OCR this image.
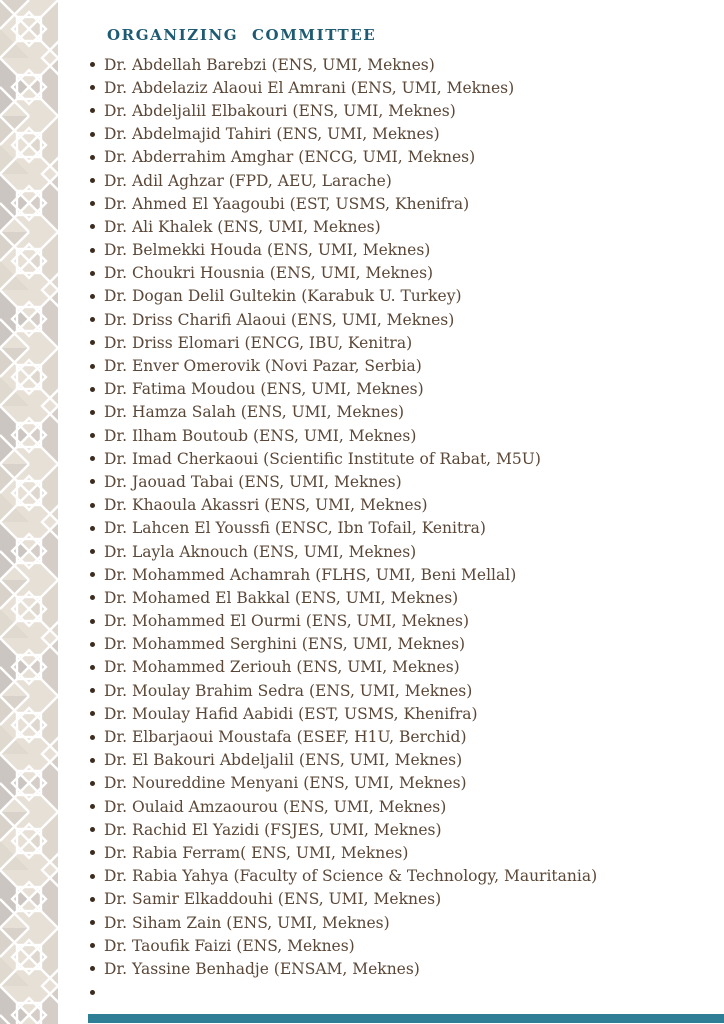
ORGANIZING COMMITTEE
Dr. Abdellah Barebzi (ENS, UMI, Meknes)
Dr. Abdelaziz Alaoui El Amrani (ENS, UMI, Meknes)
Dr. Abdeljalil Elbakouri (ENS, UMI, Meknes)
Dr. Abdelmajid Tahiri (ENS, UMI, Meknes)
Dr. Abderrahim Amghar (ENCG, UMI, Meknes)
Dr. Adil Aghzar (FPD, AEU, Larache)
Dr. Ahmed El Yaagoubi (EST, USMS, Khenifra)
Dr. Ali Khalek (ENS, UMI, Meknes)
Dr. Belmekki Houda (ENS, UMI, Meknes)
Dr. Choukri Housnia (ENS, UMI, Meknes)
Dr. Dogan Delil Gultekin (Karabuk U. Turkey)
Dr. Driss Charifi Alaoui (ENS, UMI, Meknes)
Dr. Driss Elomari (ENCG, IBU, Kenitra)
Dr. Enver Omerovik (Novi Pazar, Serbia)
Dr. Fatima Moudou (ENS, UMI, Meknes)
Dr. Hamza Salah (ENS, UMI, Meknes)
Dr. Ilham Boutoub (ENS, UMI, Meknes)
Dr. Imad Cherkaoui (Scientific Institute of Rabat, M5U)
Dr. Jaouad Tabai (ENS, UMI, Meknes)
Dr. Khaoula Akassri (ENS, UMI, Meknes)
Dr. Lahcen El Youssfi (ENSC, Ibn Tofail, Kenitra)
Dr. Layla Aknouch (ENS, UMI, Meknes)
Dr. Mohammed Achamrah (FLHS, UMI, Beni Mellal)
Dr. Mohamed El Bakkal (ENS, UMI, Meknes)
Dr. Mohammed El Ourmi (ENS, UMI, Meknes)
Dr. Mohammed Serghini (ENS, UMI, Meknes)
Dr. Mohammed Zeriouh (ENS, UMI, Meknes)
Dr. Moulay Brahim Sedra (ENS, UMI, Meknes)
Dr. Moulay Hafid Aabidi (EST, USMS, Khenifra)
Dr. Elbarjaoui Moustafa (ESEF, H1U, Berchid)
Dr. El Bakouri Abdeljalil (ENS, UMI, Meknes)
Dr. Noureddine Menyani (ENS, UMI, Meknes)
Dr. Oulaid Amzaourou (ENS, UMI, Meknes)
Dr. Rachid El Yazidi (FSJES, UMI, Meknes)
Dr. Rabia Ferram( ENS, UMI, Meknes)
Dr. Rabia Yahya (Faculty of Science & Technology, Mauritania)
Dr. Samir Elkaddouhi (ENS, UMI, Meknes)
Dr. Siham Zain (ENS, UMI, Meknes)
Dr. Taoufik Faizi (ENS, Meknes)
Dr. Yassine Benhadje (ENSAM, Meknes)
